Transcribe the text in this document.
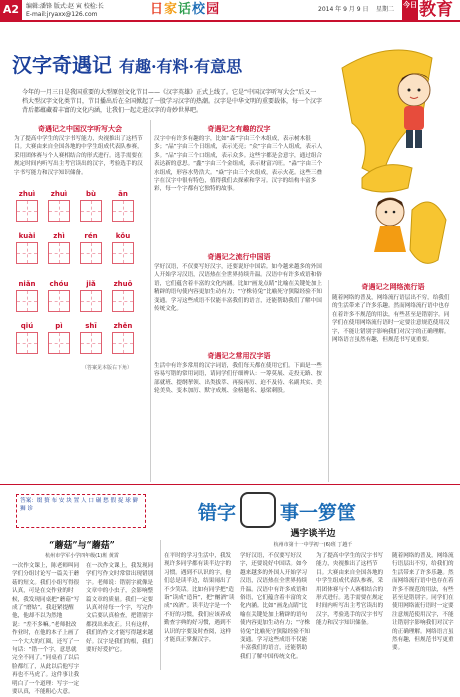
A2	编辑:潘锋 版式:赵 寅 校检:长
E-mail:jryaxx@126.com	日家话校园	2014 年 9 月 9 日 星期二
今日 教育
汉字奇遇记 有趣·有料·有意思
今年的一月三日是我国重要的大型原创文化节目——《汉字英雄》正式上线了。它是“中国汉字听写大会”后又一档大型汉字文化类节目，节目播出后在全国掀起了一股学习汉字的热潮。汉字是中华文明的重要载体，每一个汉字背后都蕴藏着丰富的文化内涵，让我们一起走进汉字的奇妙世界吧。
奇遇记之中国汉字听写大会
为了提高中学生的汉字书写能力，央视推出了这档节目。大赛由来自全国各地的中学生组成代表队参赛，采用团体赛与个人赛相结合的形式进行。选手需要在规定时间内听写出主考官读出的汉字，考验选手的汉字书写能力和汉字知识储备。
zhuì	zhuì	bù	ān
kuài	zhì	rén	kǒu
niǎn	chóu	jiǎ	zhuō
qiú	pì	shī	zhěn
（答案见本版右下角）
奇遇记之有趣的汉字
汉字中有许多有趣的字，比如“森”字由三个木组成，表示树木很多；“晶”字由三个日组成，表示光亮；“众”字由三个人组成，表示人多。“品”字由三个口组成，表示众多。这些字都是会意字，通过组合表达新的意思。“鑫”字由三个金组成，表示财富兴旺。“淼”字由三个水组成，形容水势浩大。“焱”字由三个火组成，表示火花。这些三叠字在汉字中很有特色，值得我们去探索和学习。汉字的结构丰富多彩，每一个字都有它独特的故事。
奇遇记之流行中国语
学好汉语，不仅要写好汉字，还要说好中国话。如今越来越多的外国人开始学习汉语，汉语热在全世界持续升温。汉语中有许多成语和俗语，它们蕴含着丰富的文化内涵。比如“画龙点睛”比喻在关键处加上精辟的语句使内容更加生动有力；“守株待兔”比喻死守狭隘经验不知变通。学习这些成语不仅能丰富我们的语言，还能帮助我们了解中国传统文化。
奇遇记之常用汉字语
生活中有许多常用的汉字词语，我们每天都在使用它们。下面是一些容易写错的常用词语，请同学们仔细辨认：一筹莫展、走投无路、按部就班、提纲挈领、出类拔萃、再接再厉、迫不及待、名副其实、美轮美奂、变本加厉、默守成规、金榜题名、悬梁刺股。
奇遇记之网络流行语
随着网络的普及，网络流行语层出不穷，给我们的生活带来了许多乐趣。然而网络流行语中也存在着许多不规范的用法，有些甚至是错别字。同学们在使用网络流行语时一定要注意规范使用汉字，不能让错别字影响我们对汉字的正确理解。网络语言虽然有趣，但规范书写更重要。
答案：缀 赘 布 安 块 置 人 口 碾 愁 假 捉 球 僻 狮 诊	错字 事一箩筐
“蘑菇”与“蘑菇”
杭州市学军小学四年级(1)班 黄霄
一次作文课上，陈老师叫同学们分组讨论写一篇关于蘑菇的短文。我们小组写得很认真，可是在交作业的时候，我发现同桌把“蘑菇”写成了“磨姑”。我赶紧提醒他，他却不以为然地说：“差不多嘛。”老师批改作业时，在他的本子上画了一个大大的红圈，还写了一句话：“错一个字，意思就完全不同了。”同桌看了以后脸都红了，从此以后他写字再也不马虎了。这件事让我明白了一个道理：写字一定要认真，不能粗心大意。
在一次作文课上，我发现同学们写作文时常常出现错别字。老师说：错别字就像是文章中的小虫子，会影响整篇文章的质量。我们一定要认真对待每一个字，写完作文后要认真检查，把错别字都找出来改正。只有这样，我们的作文才能写得越来越好。汉字是我们的根，我们要好好爱护它。
遇字谈半边
杭州市第十一中学初一(6)班 丁越千
在平时的学习生活中，我发现许多同学都有读半边字的习惯。遇到不认识的字，他们总是读半边，结果闹出了不少笑话。比如有同学把“造诣”读成“造旨”，把“酗酒”读成“凶酒”。读半边字是一个不好的习惯，我们应该养成勤查字典的好习惯，遇到不认识的字要及时查阅，这样才能真正掌握汉字。
学好汉语，不仅要写好汉字，还要说好中国话。如今越来越多的外国人开始学习汉语，汉语热在全世界持续升温。汉语中有许多成语和俗语，它们蕴含着丰富的文化内涵。比如“画龙点睛”比喻在关键处加上精辟的语句使内容更加生动有力；“守株待兔”比喻死守狭隘经验不知变通。学习这些成语不仅能丰富我们的语言，还能帮助我们了解中国传统文化。
为了提高中学生的汉字书写能力，央视推出了这档节目。大赛由来自全国各地的中学生组成代表队参赛，采用团体赛与个人赛相结合的形式进行。选手需要在规定时间内听写出主考官读出的汉字，考验选手的汉字书写能力和汉字知识储备。
随着网络的普及，网络流行语层出不穷，给我们的生活带来了许多乐趣。然而网络流行语中也存在着许多不规范的用法，有些甚至是错别字。同学们在使用网络流行语时一定要注意规范使用汉字，不能让错别字影响我们对汉字的正确理解。网络语言虽然有趣，但规范书写更重要。
